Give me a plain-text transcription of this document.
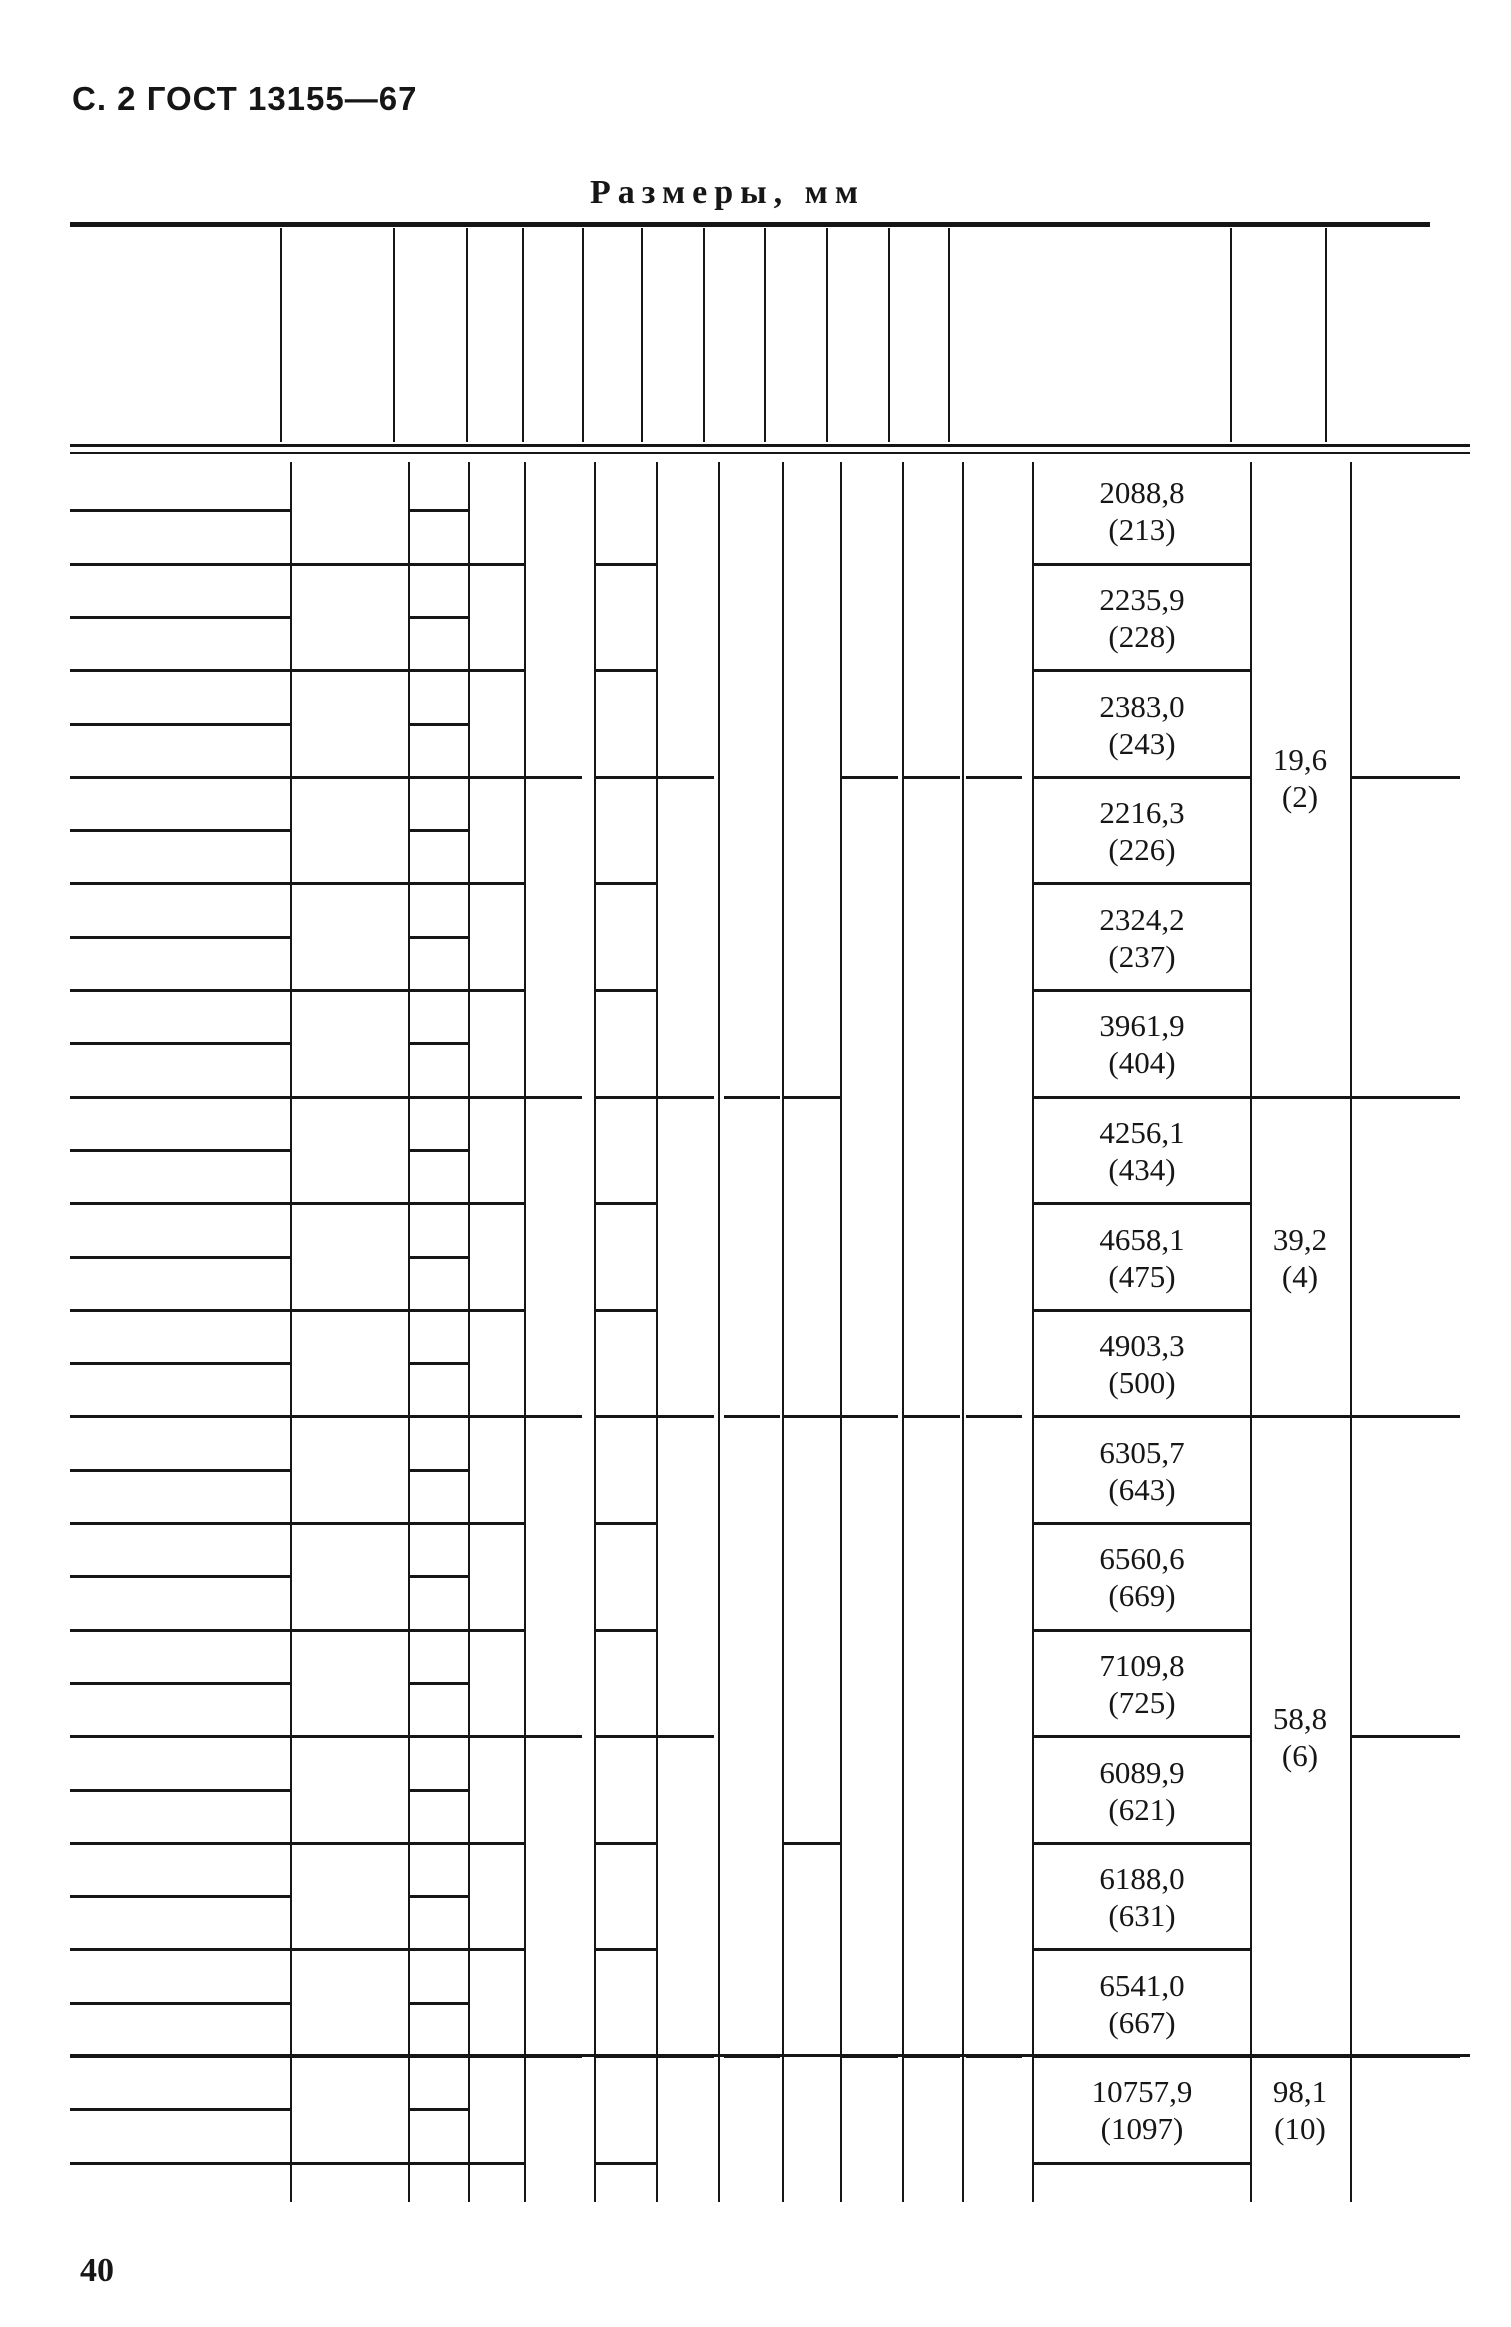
С. 2 ГОСТ 13155—67
Размеры, мм
2088,8
(213)
2235,9
(228)
2383,0
(243)
2216,3
(226)
2324,2
(237)
3961,9
(404)
4256,1
(434)
4658,1
(475)
4903,3
(500)
6305,7
(643)
6560,6
(669)
7109,8
(725)
6089,9
(621)
6188,0
(631)
6541,0
(667)
10757,9
(1097)
19,6
(2)
39,2
(4)
58,8
(6)
98,1
(10)
40
